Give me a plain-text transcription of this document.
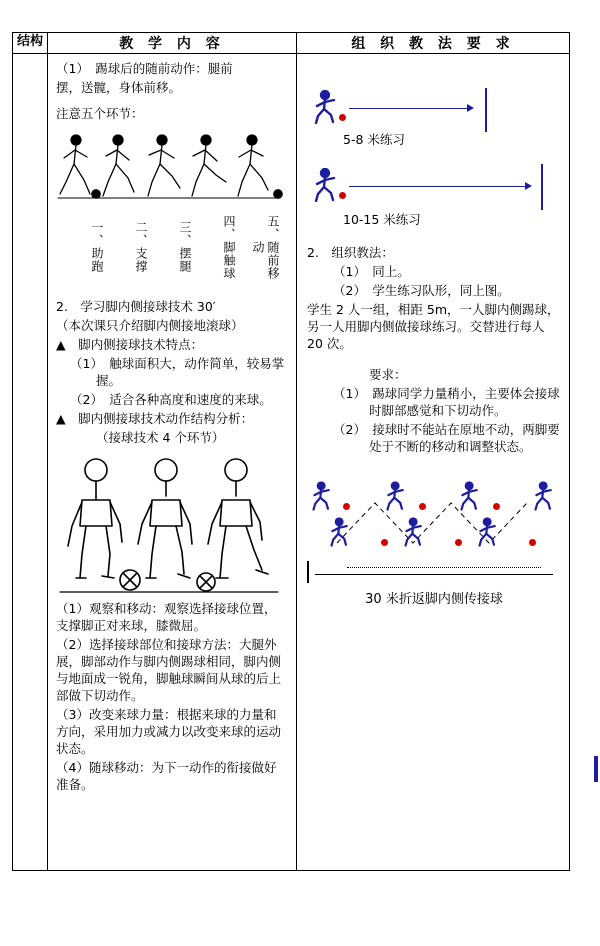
结构	教 学 内 容	组 织 教 法 要 求

（1）　踢球后的随前动作：腿前

摆，送髋，身体前移。

注意五个环节：

一、助跑	二、支撑	三、摆腿	四、脚触球	五、随前移动

2.　学习脚内侧接球技术 30′

（本次课只介绍脚内侧接地滚球）

▲　脚内侧接球技术特点：

（1）　触球面积大，动作简单，较易掌握。

（2）　适合各种高度和速度的来球。

▲　脚内侧接球技术动作结构分析：

（接球技术 4 个环节）

（1）观察和移动：观察选择接球位置，支撑脚正对来球，膝微屈。

（2）选择接球部位和接球方法：大腿外展，脚部动作与脚内侧踢球相同，脚内侧与地面成一锐角，脚触球瞬间从球的后上部做下切动作。

（3）改变来球力量：根据来球的力量和方向，采用加力或减力以改变来球的运动状态。

（4）随球移动：为下一动作的衔接做好准备。

5-8 米练习
10-15 米练习

2.　组织教法：

（1）　同上。

（2）　学生练习队形，同上图。

学生 2 人一组，相距 5m，一人脚内侧踢球，另一人用脚内侧做接球练习。交替进行每人 20 次。

要求：

（1）　踢球同学力量稍小，主要体会接球时脚部感觉和下切动作。

（2）　接球时不能站在原地不动，两脚要处于不断的移动和调整状态。

30 米折返脚内侧传接球
